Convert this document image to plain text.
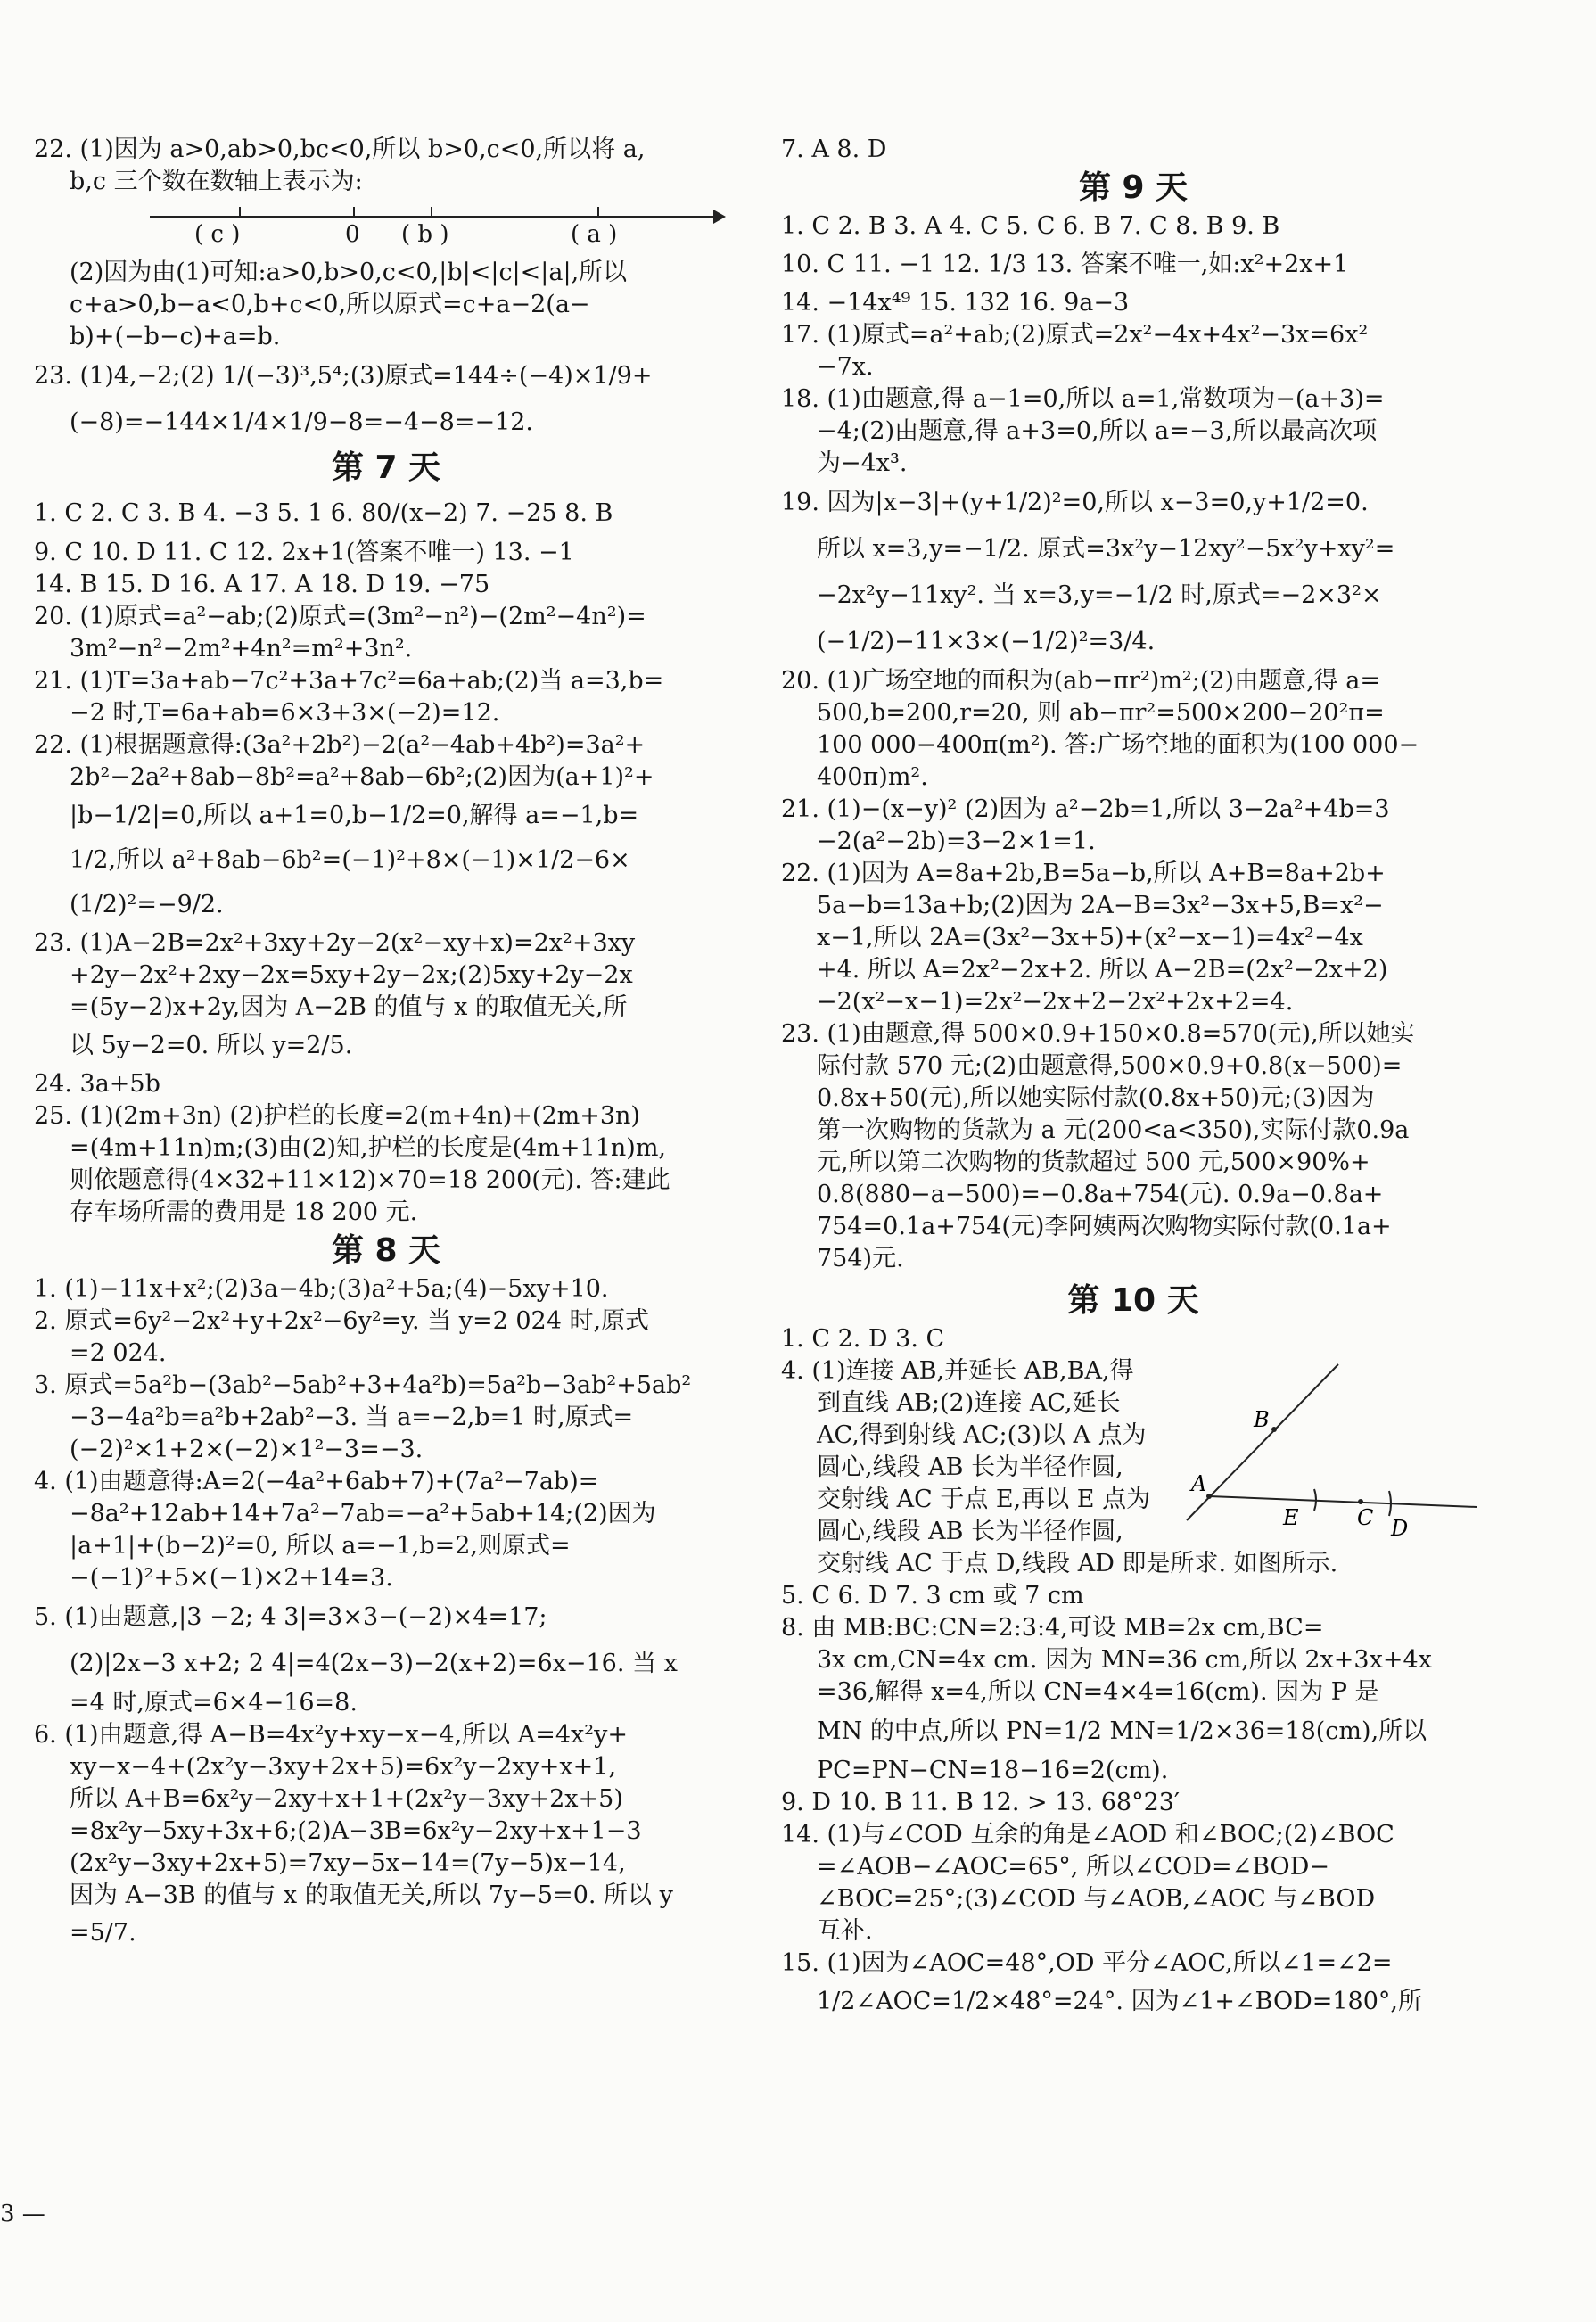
22. (1)因为 a>0,ab>0,bc<0,所以 b>0,c<0,所以将 a,
b,c 三个数在数轴上表示为:
( c )	0 ( b )	( a )
(2)因为由(1)可知:a>0,b>0,c<0,|b|<|c|<|a|,所以
c+a>0,b−a<0,b+c<0,所以原式=c+a−2(a−
b)+(−b−c)+a=b.
23. (1)4,−2;(2) 1/(−3)³,5⁴;(3)原式=144÷(−4)×1/9+
(−8)=−144×1/4×1/9−8=−4−8=−12.
第 7 天
1. C 2. C 3. B 4. −3 5. 1 6. 80/(x−2) 7. −25 8. B
9. C 10. D 11. C 12. 2x+1(答案不唯一) 13. −1
14. B 15. D 16. A 17. A 18. D 19. −75
20. (1)原式=a²−ab;(2)原式=(3m²−n²)−(2m²−4n²)=
3m²−n²−2m²+4n²=m²+3n².
21. (1)T=3a+ab−7c²+3a+7c²=6a+ab;(2)当 a=3,b=
−2 时,T=6a+ab=6×3+3×(−2)=12.
22. (1)根据题意得:(3a²+2b²)−2(a²−4ab+4b²)=3a²+
2b²−2a²+8ab−8b²=a²+8ab−6b²;(2)因为(a+1)²+
|b−1/2|=0,所以 a+1=0,b−1/2=0,解得 a=−1,b=
1/2,所以 a²+8ab−6b²=(−1)²+8×(−1)×1/2−6×
(1/2)²=−9/2.
23. (1)A−2B=2x²+3xy+2y−2(x²−xy+x)=2x²+3xy
+2y−2x²+2xy−2x=5xy+2y−2x;(2)5xy+2y−2x
=(5y−2)x+2y,因为 A−2B 的值与 x 的取值无关,所
以 5y−2=0. 所以 y=2/5.
24. 3a+5b
25. (1)(2m+3n) (2)护栏的长度=2(m+4n)+(2m+3n)
=(4m+11n)m;(3)由(2)知,护栏的长度是(4m+11n)m,
则依题意得(4×32+11×12)×70=18 200(元). 答:建此
存车场所需的费用是 18 200 元.
第 8 天
1. (1)−11x+x²;(2)3a−4b;(3)a²+5a;(4)−5xy+10.
2. 原式=6y²−2x²+y+2x²−6y²=y. 当 y=2 024 时,原式
=2 024.
3. 原式=5a²b−(3ab²−5ab²+3+4a²b)=5a²b−3ab²+5ab²
−3−4a²b=a²b+2ab²−3. 当 a=−2,b=1 时,原式=
(−2)²×1+2×(−2)×1²−3=−3.
4. (1)由题意得:A=2(−4a²+6ab+7)+(7a²−7ab)=
−8a²+12ab+14+7a²−7ab=−a²+5ab+14;(2)因为
|a+1|+(b−2)²=0, 所以 a=−1,b=2,则原式=
−(−1)²+5×(−1)×2+14=3.
5. (1)由题意,|3 −2; 4 3|=3×3−(−2)×4=17;
(2)|2x−3 x+2; 2 4|=4(2x−3)−2(x+2)=6x−16. 当 x
=4 时,原式=6×4−16=8.
6. (1)由题意,得 A−B=4x²y+xy−x−4,所以 A=4x²y+
xy−x−4+(2x²y−3xy+2x+5)=6x²y−2xy+x+1,
所以 A+B=6x²y−2xy+x+1+(2x²y−3xy+2x+5)
=8x²y−5xy+3x+6;(2)A−3B=6x²y−2xy+x+1−3
(2x²y−3xy+2x+5)=7xy−5x−14=(7y−5)x−14,
因为 A−3B 的值与 x 的取值无关,所以 7y−5=0. 所以 y
=5/7.
7. A 8. D
第 9 天
1. C 2. B 3. A 4. C 5. C 6. B 7. C 8. B 9. B
10. C 11. −1 12. 1/3 13. 答案不唯一,如:x²+2x+1
14. −14x⁴⁹ 15. 132 16. 9a−3
17. (1)原式=a²+ab;(2)原式=2x²−4x+4x²−3x=6x²
−7x.
18. (1)由题意,得 a−1=0,所以 a=1,常数项为−(a+3)=
−4;(2)由题意,得 a+3=0,所以 a=−3,所以最高次项
为−4x³.
19. 因为|x−3|+(y+1/2)²=0,所以 x−3=0,y+1/2=0.
所以 x=3,y=−1/2. 原式=3x²y−12xy²−5x²y+xy²=
−2x²y−11xy². 当 x=3,y=−1/2 时,原式=−2×3²×
(−1/2)−11×3×(−1/2)²=3/4.
20. (1)广场空地的面积为(ab−πr²)m²;(2)由题意,得 a=
500,b=200,r=20, 则 ab−πr²=500×200−20²π=
100 000−400π(m²). 答:广场空地的面积为(100 000−
400π)m².
21. (1)−(x−y)² (2)因为 a²−2b=1,所以 3−2a²+4b=3
−2(a²−2b)=3−2×1=1.
22. (1)因为 A=8a+2b,B=5a−b,所以 A+B=8a+2b+
5a−b=13a+b;(2)因为 2A−B=3x²−3x+5,B=x²−
x−1,所以 2A=(3x²−3x+5)+(x²−x−1)=4x²−4x
+4. 所以 A=2x²−2x+2. 所以 A−2B=(2x²−2x+2)
−2(x²−x−1)=2x²−2x+2−2x²+2x+2=4.
23. (1)由题意,得 500×0.9+150×0.8=570(元),所以她实
际付款 570 元;(2)由题意得,500×0.9+0.8(x−500)=
0.8x+50(元),所以她实际付款(0.8x+50)元;(3)因为
第一次购物的货款为 a 元(200<a<350),实际付款0.9a
元,所以第二次购物的货款超过 500 元,500×90%+
0.8(880−a−500)=−0.8a+754(元). 0.9a−0.8a+
754=0.1a+754(元)李阿姨两次购物实际付款(0.1a+
754)元.
第 10 天
1. C 2. D 3. C
4. (1)连接 AB,并延长 AB,BA,得
到直线 AB;(2)连接 AC,延长
AC,得到射线 AC;(3)以 A 点为
圆心,线段 AB 长为半径作圆,
交射线 AC 于点 E,再以 E 点为
圆心,线段 AB 长为半径作圆,
交射线 AC 于点 D,线段 AD 即是所求. 如图所示.
A
B
E	C D
5. C 6. D 7. 3 cm 或 7 cm
8. 由 MB:BC:CN=2:3:4,可设 MB=2x cm,BC=
3x cm,CN=4x cm. 因为 MN=36 cm,所以 2x+3x+4x
=36,解得 x=4,所以 CN=4×4=16(cm). 因为 P 是
MN 的中点,所以 PN=1/2 MN=1/2×36=18(cm),所以
PC=PN−CN=18−16=2(cm).
9. D 10. B 11. B 12. > 13. 68°23′
14. (1)与∠COD 互余的角是∠AOD 和∠BOC;(2)∠BOC
=∠AOB−∠AOC=65°, 所以∠COD=∠BOD−
∠BOC=25°;(3)∠COD 与∠AOB,∠AOC 与∠BOD
互补.
15. (1)因为∠AOC=48°,OD 平分∠AOC,所以∠1=∠2=
1/2∠AOC=1/2×48°=24°. 因为∠1+∠BOD=180°,所
3 —
